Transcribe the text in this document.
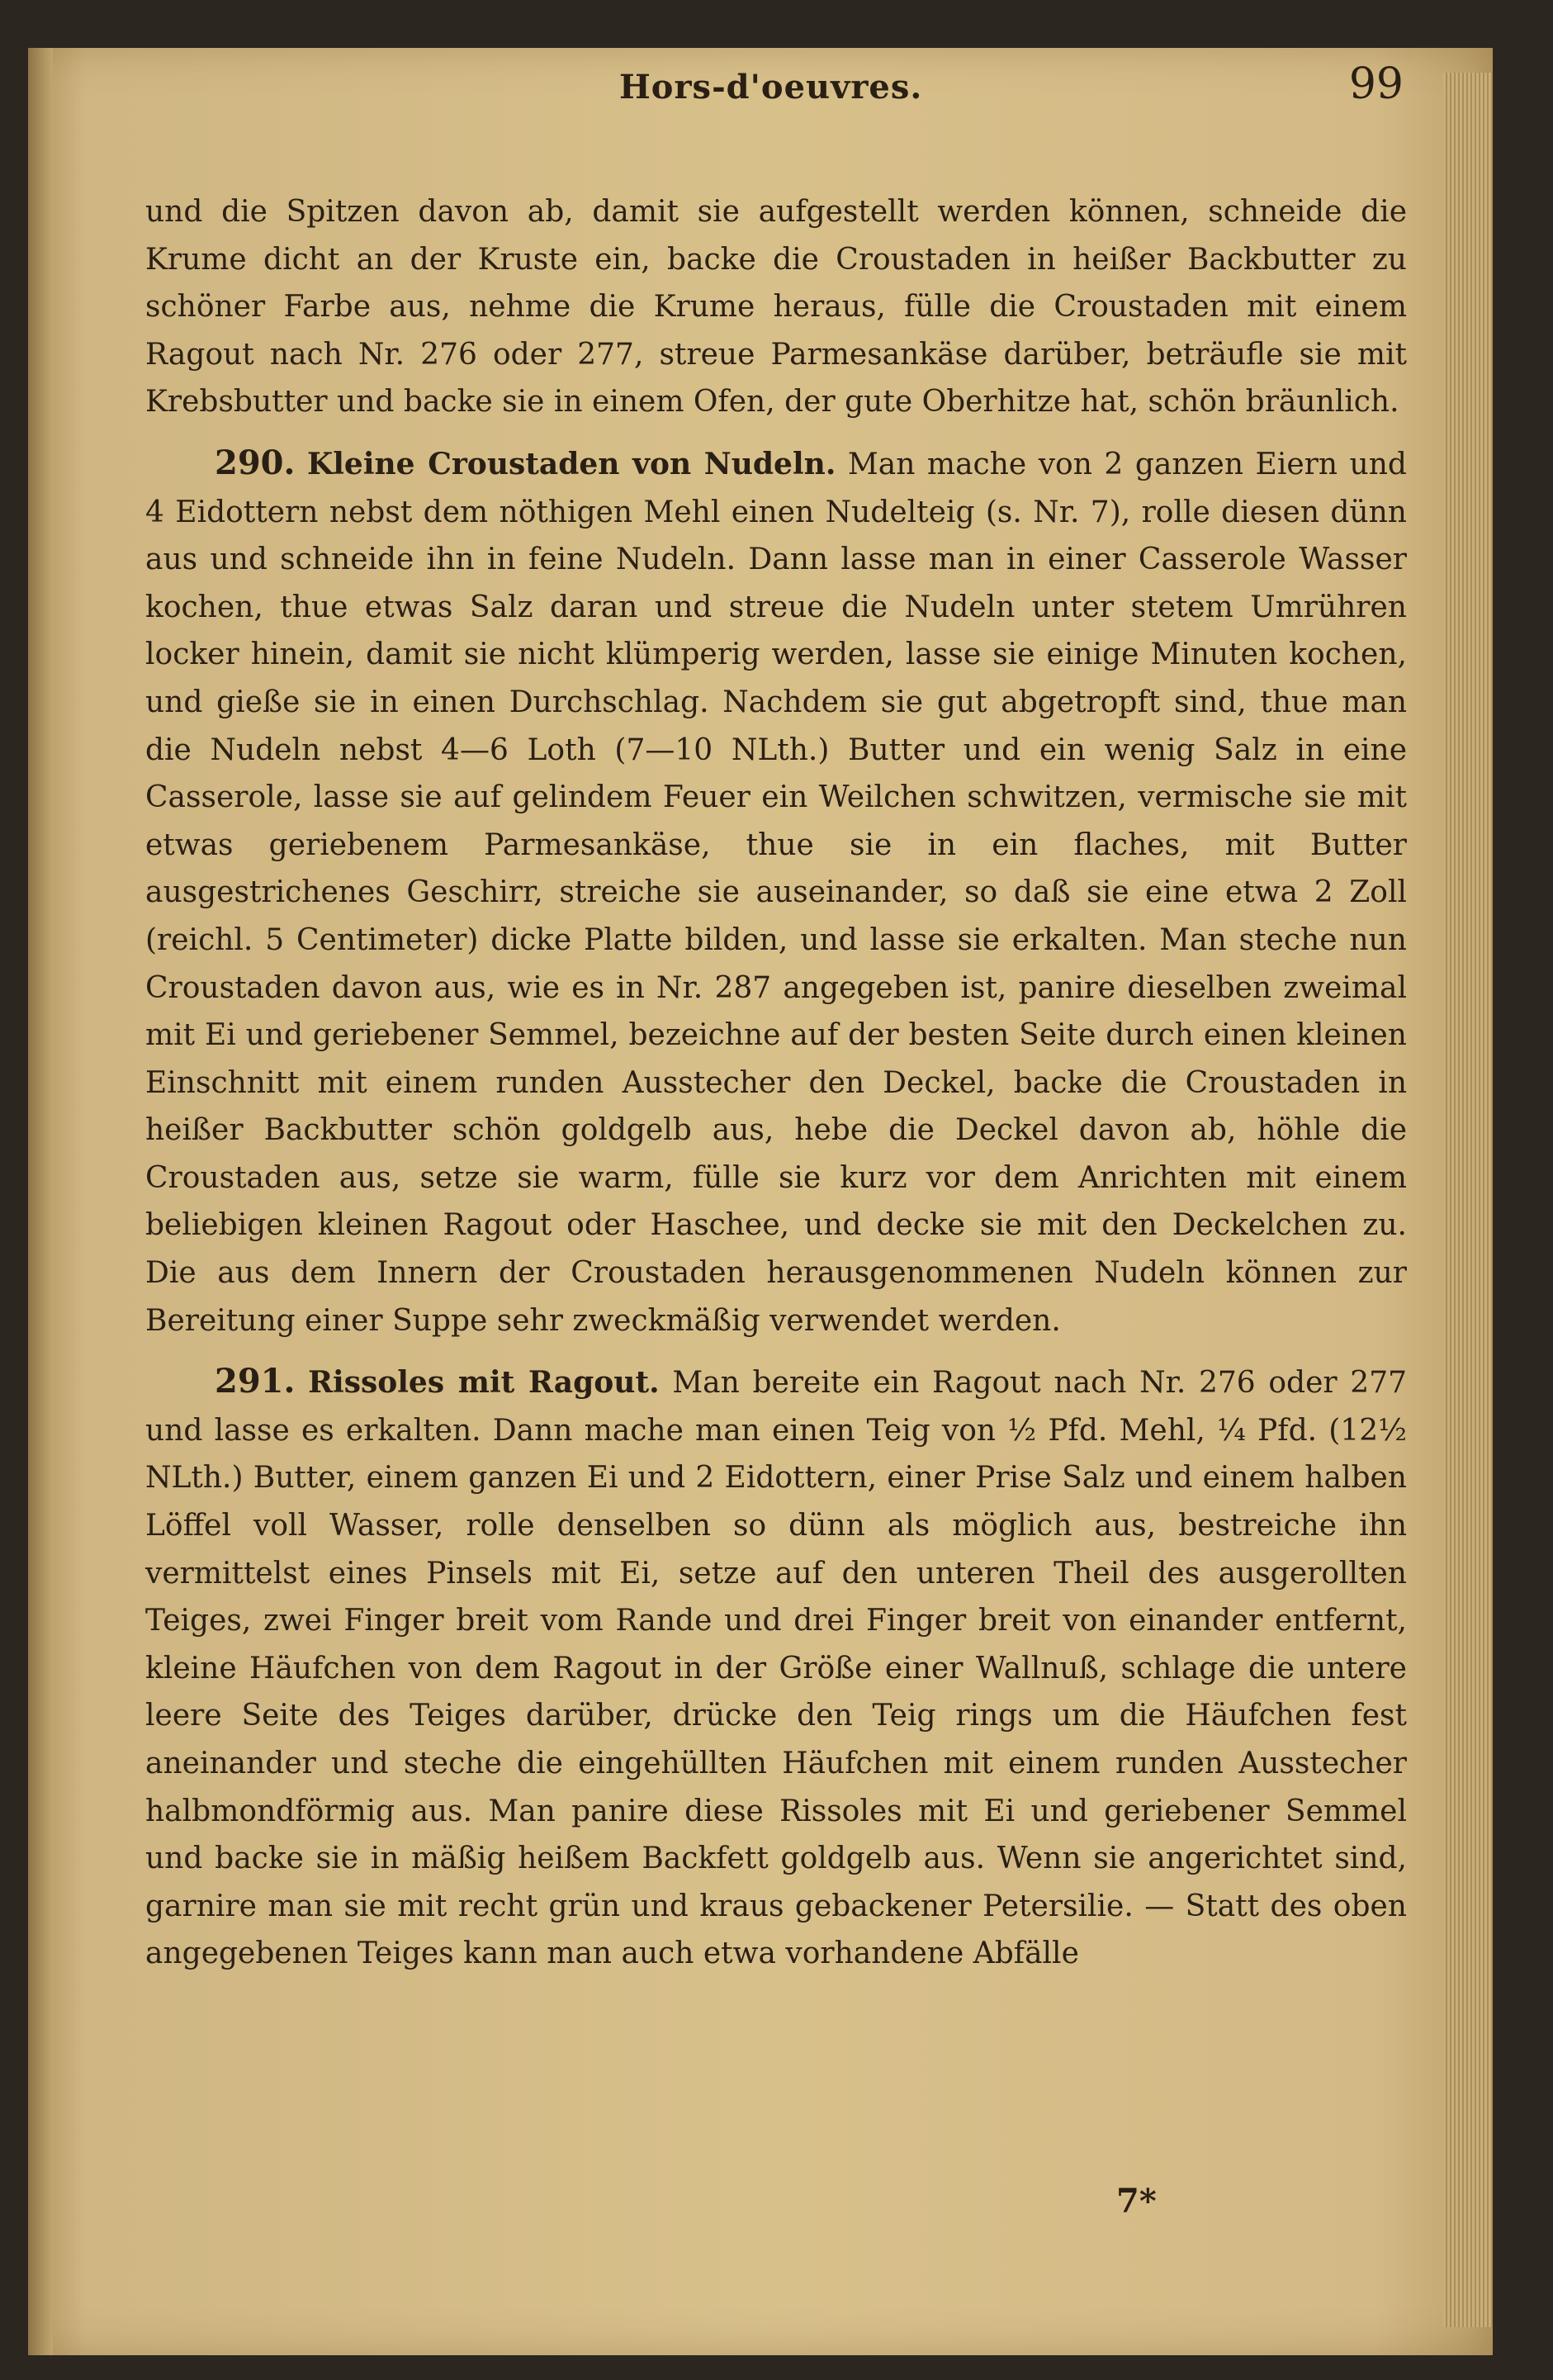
Hors-d'oeuvres.	99

und die Spitzen davon ab, damit sie aufgestellt werden können, schneide die Krume dicht an der Kruste ein, backe die Croustaden in heißer Backbutter zu schöner Farbe aus, nehme die Krume heraus, fülle die Croustaden mit einem Ragout nach Nr. 276 oder 277, streue Parmesankäse darüber, beträufle sie mit Krebsbutter und backe sie in einem Ofen, der gute Oberhitze hat, schön bräunlich.

290. Kleine Croustaden von Nudeln. Man mache von 2 ganzen Eiern und 4 Eidottern nebst dem nöthigen Mehl einen Nudelteig (s. Nr. 7), rolle diesen dünn aus und schneide ihn in feine Nudeln. Dann lasse man in einer Casserole Wasser kochen, thue etwas Salz daran und streue die Nudeln unter stetem Umrühren locker hinein, damit sie nicht klümperig werden, lasse sie einige Minuten kochen, und gieße sie in einen Durchschlag. Nachdem sie gut abgetropft sind, thue man die Nudeln nebst 4—6 Loth (7—10 NLth.) Butter und ein wenig Salz in eine Casserole, lasse sie auf gelindem Feuer ein Weilchen schwitzen, vermische sie mit etwas geriebenem Parmesankäse, thue sie in ein flaches, mit Butter ausgestrichenes Geschirr, streiche sie auseinander, so daß sie eine etwa 2 Zoll (reichl. 5 Centimeter) dicke Platte bilden, und lasse sie erkalten. Man steche nun Croustaden davon aus, wie es in Nr. 287 angegeben ist, panire dieselben zweimal mit Ei und geriebener Semmel, bezeichne auf der besten Seite durch einen kleinen Einschnitt mit einem runden Ausstecher den Deckel, backe die Croustaden in heißer Backbutter schön goldgelb aus, hebe die Deckel davon ab, höhle die Croustaden aus, setze sie warm, fülle sie kurz vor dem Anrichten mit einem beliebigen kleinen Ragout oder Haschee, und decke sie mit den Deckelchen zu. Die aus dem Innern der Croustaden herausgenommenen Nudeln können zur Bereitung einer Suppe sehr zweckmäßig verwendet werden.

291. Rissoles mit Ragout. Man bereite ein Ragout nach Nr. 276 oder 277 und lasse es erkalten. Dann mache man einen Teig von ½ Pfd. Mehl, ¼ Pfd. (12½ NLth.) Butter, einem ganzen Ei und 2 Eidottern, einer Prise Salz und einem halben Löffel voll Wasser, rolle denselben so dünn als möglich aus, bestreiche ihn vermittelst eines Pinsels mit Ei, setze auf den unteren Theil des ausgerollten Teiges, zwei Finger breit vom Rande und drei Finger breit von einander entfernt, kleine Häufchen von dem Ragout in der Größe einer Wallnuß, schlage die untere leere Seite des Teiges darüber, drücke den Teig rings um die Häufchen fest aneinander und steche die eingehüllten Häufchen mit einem runden Ausstecher halbmondförmig aus. Man panire diese Rissoles mit Ei und geriebener Semmel und backe sie in mäßig heißem Backfett goldgelb aus. Wenn sie angerichtet sind, garnire man sie mit recht grün und kraus gebackener Petersilie. — Statt des oben angegebenen Teiges kann man auch etwa vorhandene Abfälle

7*
